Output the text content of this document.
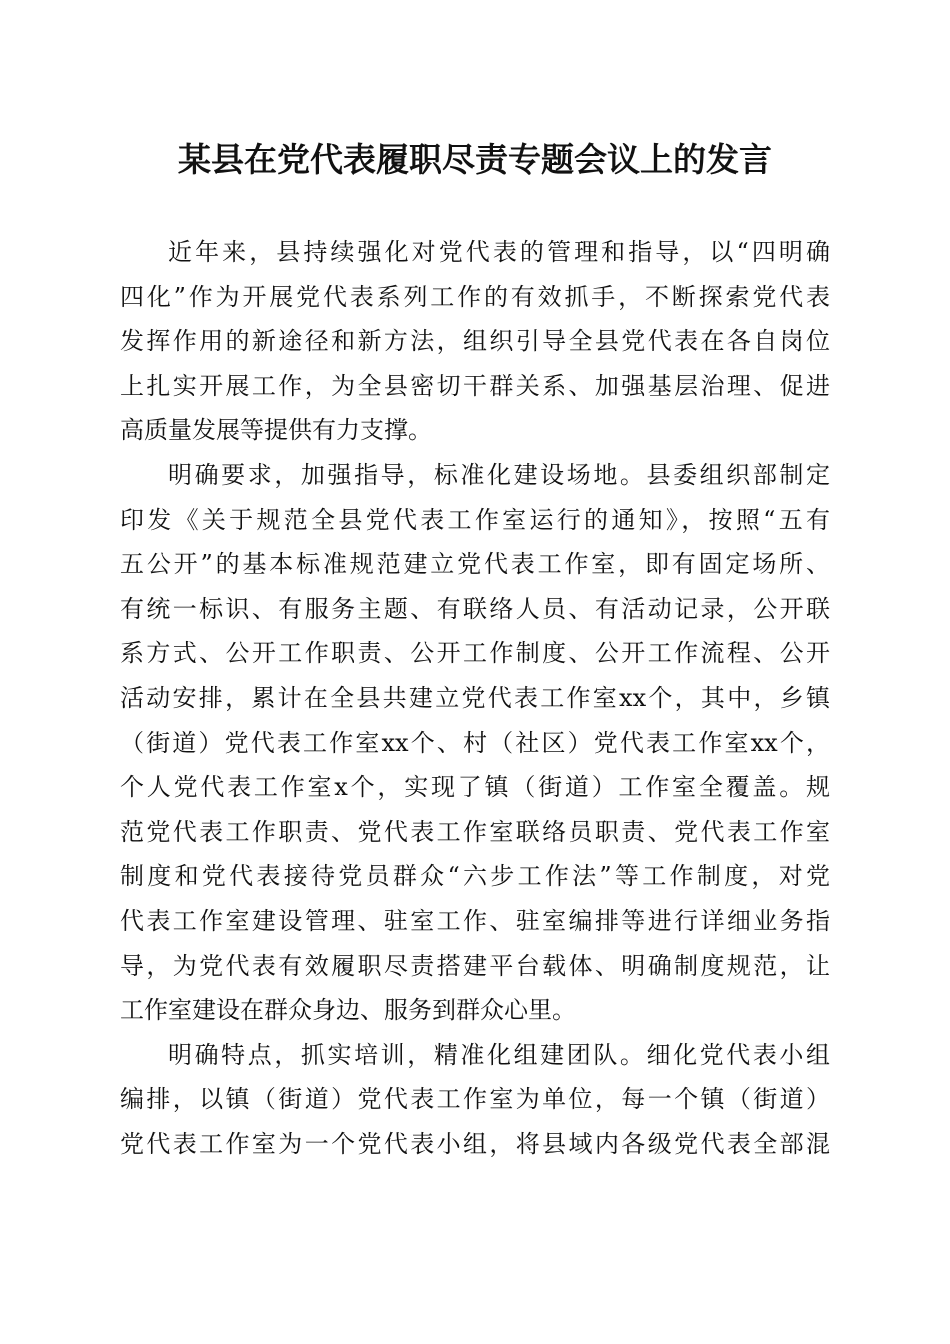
某县在党代表履职尽责专题会议上的发言
近年来，县持续强化对党代表的管理和指导，以“四明确
四化”作为开展党代表系列工作的有效抓手，不断探索党代表
发挥作用的新途径和新方法，组织引导全县党代表在各自岗位
上扎实开展工作，为全县密切干群关系、加强基层治理、促进
高质量发展等提供有力支撑。
明确要求，加强指导，标准化建设场地。县委组织部制定
印发《关于规范全县党代表工作室运行的通知》，按照“五有
五公开”的基本标准规范建立党代表工作室，即有固定场所、
有统一标识、有服务主题、有联络人员、有活动记录，公开联
系方式、公开工作职责、公开工作制度、公开工作流程、公开
活动安排，累计在全县共建立党代表工作室xx个，其中，乡镇
（街道）党代表工作室xx个、村（社区）党代表工作室xx个，
个人党代表工作室x个，实现了镇（街道）工作室全覆盖。规
范党代表工作职责、党代表工作室联络员职责、党代表工作室
制度和党代表接待党员群众“六步工作法”等工作制度，对党
代表工作室建设管理、驻室工作、驻室编排等进行详细业务指
导，为党代表有效履职尽责搭建平台载体、明确制度规范，让
工作室建设在群众身边、服务到群众心里。
明确特点，抓实培训，精准化组建团队。细化党代表小组
编排，以镇（街道）党代表工作室为单位，每一个镇（街道）
党代表工作室为一个党代表小组，将县域内各级党代表全部混
